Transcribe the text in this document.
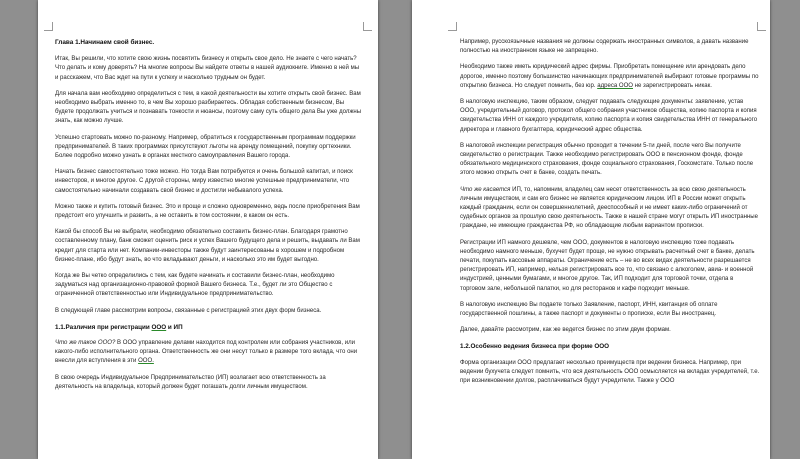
Глава 1.Начинаем свой бизнес.

Итак, Вы решили, что хотите свою жизнь посвятить бизнесу и открыть свое дело. Не знаете с чего начать? Что делать и кому доверять? На многие вопросы Вы найдете ответы в нашей аудиокниге. Именно в ней мы и расскажем, что Вас ждет на пути к успеху и насколько трудным он будет.

Для начала вам необходимо определиться с тем, в какой деятельности вы хотите открыть свой бизнес. Вам необходимо выбрать именно то, в чем Вы хорошо разбираетесь. Обладая собственным бизнесом, Вы будете продолжать учиться и познавать тонкости и нюансы, поэтому саму суть общего дела Вы уже должны знать, как можно лучше.

Успешно стартовать можно по-разному. Например, обратиться к государственным программам поддержки предпринимателей. В таких программах присутствуют льготы на аренду помещений, покупку оргтехники. Более подробно можно узнать в органах местного самоуправления Вашего города.

Начать бизнес самостоятельно тоже можно. Но тогда Вам потребуется и очень большой капитал, и поиск инвесторов, и многое другое. С другой стороны, миру известно многие успешные предприниматели, что самостоятельно начинали создавать свой бизнес и достигли небывалого успеха.

Можно также и купить готовый бизнес. Это и проще и сложно одновременно, ведь после приобретения Вам предстоит его улучшить и развить, а не оставить в том состоянии, в каком он есть.

Какой бы способ Вы не выбрали, необходимо обязательно составить бизнес-план. Благодаря грамотно составленному плану, банк сможет оценить риск и успех Вашего будущего дела и решить, выдавать ли Вам кредит для старта или нет. Компании-инвесторы также будут заинтересованы в хорошем и подробном бизнес-плане, ибо будут знать, во что вкладывают деньги, и насколько это им будет выгодно.

Когда же Вы четко определились с тем, как будете начинать и составили бизнес-план, необходимо задуматься над организационно-правовой формой Вашего бизнеса. Т.е., будет ли это Общество с ограниченной ответственностью или Индивидуальное предпринимательство.

В следующей главе рассмотрим вопросы, связанные с регистрацией этих двух форм бизнеса.

1.1.Различия при регистрации ООО и ИП

Что же такое ООО? В ООО управление делами находится под контролем или собрания участников, или какого-либо исполнительного органа. Ответственность же они несут только в размере того вклада, что они внесли для вступления в эти ООО.

В свою очередь Индивидуальное Предпринимательство (ИП) возлагает всю ответственность за деятельность на владельца, который должен будет погашать долги личным имуществом.

Например, русскоязычные названия не должны содержать иностранных символов, а давать название полностью на иностранном языке не запрещено.

Необходимо также иметь юридический адрес фирмы. Приобретать помещение или арендовать дело дорогое, именно поэтому большинство начинающих предпринимателей выбирают готовые программы по открытию бизнеса. Но следует помнить, без юр. адреса ООО не зарегистрировать никак.

В налоговую инспекцию, таким образом, следует подавать следующие документы: заявление, устав ООО, учредительный договор, протокол общего собрания участников общества, копию паспорта и копия свидетельства ИНН от каждого учредителя, копию паспорта и копия свидетельства ИНН от генерального директора и главного бухгалтера, юридический адрес общества.

В налоговой инспекции регистрация обычно проходит в течении 5-ти дней, после чего Вы получите свидетельство о регистрации. Также необходимо регистрировать ООО в пенсионном фонде, фонде обязательного медицинского страхования, фонде социального страхования, Госкомстате. Только после этого можно открыть счет в банке, создать печать.

Что же касается ИП, то, напомним, владелец сам несет ответственность за всю свою деятельность личным имуществом, и сам его бизнес не является юридическим лицом. ИП в России может открыть каждый гражданин, если он совершеннолетний, дееспособный и не имеет каких-либо ограничений от судебных органов за прошлую свою деятельность. Также в нашей стране могут открыть ИП иностранные граждане, не имеющие гражданства РФ, но обладающие любым вариантом прописки.

Регистрации ИП намного дешевле, чем ООО, документов в налоговую инспекцию тоже подавать необходимо намного меньше, бухучет будет проще, не нужно открывать расчетный счет в банке, делать печати, покупать кассовые аппараты. Ограничение есть – не во всех видах деятельности разрешается регистрировать ИП, например, нельзя регистрировать все то, что связано с алкоголем, авиа- и военной индустрией, ценными бумагами, и многое другое. Так, ИП подходит для торговой точки, отдела в торговом зале, небольшой палатки, но для ресторанов и кафе подходит меньше.

В налоговую инспекцию Вы подаете только Заявление, паспорт, ИНН, квитанция об оплате государственной пошлины, а также паспорт и документы о прописке, если Вы иностранец.

Далее, давайте рассмотрим, как же ведется бизнес по этим двум формам.

1.2.Особенно ведения бизнеса при форме ООО

Форма организации ООО предлагает несколько преимуществ при ведении бизнеса. Например, при ведении бухучета следует помнить, что вся деятельность ООО осмысляется на вкладах учредителей, т.е. при возникновении долгов, расплачиваться будут учредители. Также у ООО
